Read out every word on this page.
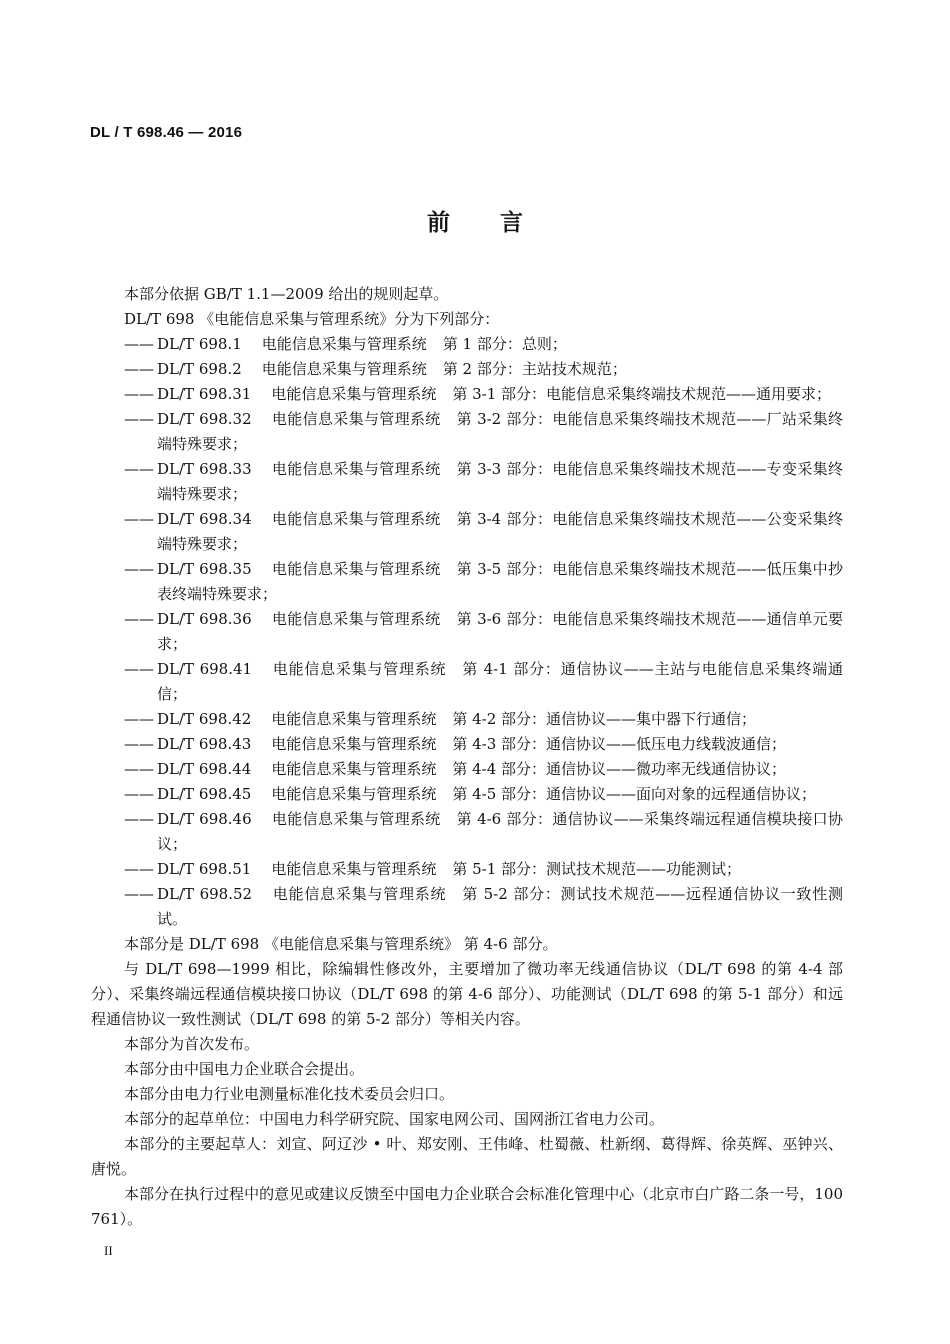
DL / T 698.46 — 2016
前言

本部分依据 GB/T 1.1—2009 给出的规则起草。

DL/T 698 《电能信息采集与管理系统》分为下列部分：

—— DL/T 698.1 电能信息采集与管理系统 第 1 部分：总则；
—— DL/T 698.2 电能信息采集与管理系统 第 2 部分：主站技术规范；
—— DL/T 698.31 电能信息采集与管理系统 第 3-1 部分：电能信息采集终端技术规范——通用要求；
—— DL/T 698.32 电能信息采集与管理系统 第 3-2 部分：电能信息采集终端技术规范——厂站采集终端特殊要求；
—— DL/T 698.33 电能信息采集与管理系统 第 3-3 部分：电能信息采集终端技术规范——专变采集终端特殊要求；
—— DL/T 698.34 电能信息采集与管理系统 第 3-4 部分：电能信息采集终端技术规范——公变采集终端特殊要求；
—— DL/T 698.35 电能信息采集与管理系统 第 3-5 部分：电能信息采集终端技术规范——低压集中抄表终端特殊要求；
—— DL/T 698.36 电能信息采集与管理系统 第 3-6 部分：电能信息采集终端技术规范——通信单元要求；
—— DL/T 698.41 电能信息采集与管理系统 第 4-1 部分：通信协议——主站与电能信息采集终端通信；
—— DL/T 698.42 电能信息采集与管理系统 第 4-2 部分：通信协议——集中器下行通信；
—— DL/T 698.43 电能信息采集与管理系统 第 4-3 部分：通信协议——低压电力线载波通信；
—— DL/T 698.44 电能信息采集与管理系统 第 4-4 部分：通信协议——微功率无线通信协议；
—— DL/T 698.45 电能信息采集与管理系统 第 4-5 部分：通信协议——面向对象的远程通信协议；
—— DL/T 698.46 电能信息采集与管理系统 第 4-6 部分：通信协议——采集终端远程通信模块接口协议；
—— DL/T 698.51 电能信息采集与管理系统 第 5-1 部分：测试技术规范——功能测试；
—— DL/T 698.52 电能信息采集与管理系统 第 5-2 部分：测试技术规范——远程通信协议一致性测试。

本部分是 DL/T 698 《电能信息采集与管理系统》 第 4-6 部分。

与 DL/T 698—1999 相比，除编辑性修改外，主要增加了微功率无线通信协议（DL/T 698 的第 4-4 部分）、采集终端远程通信模块接口协议（DL/T 698 的第 4-6 部分）、功能测试（DL/T 698 的第 5-1 部分）和远程通信协议一致性测试（DL/T 698 的第 5-2 部分）等相关内容。

本部分为首次发布。

本部分由中国电力企业联合会提出。

本部分由电力行业电测量标准化技术委员会归口。

本部分的起草单位：中国电力科学研究院、国家电网公司、国网浙江省电力公司。

本部分的主要起草人：刘宣、阿辽沙 • 叶、郑安刚、王伟峰、杜蜀薇、杜新纲、葛得辉、徐英辉、巫钟兴、唐悦。

本部分在执行过程中的意见或建议反馈至中国电力企业联合会标准化管理中心（北京市白广路二条一号，100761）。

II
